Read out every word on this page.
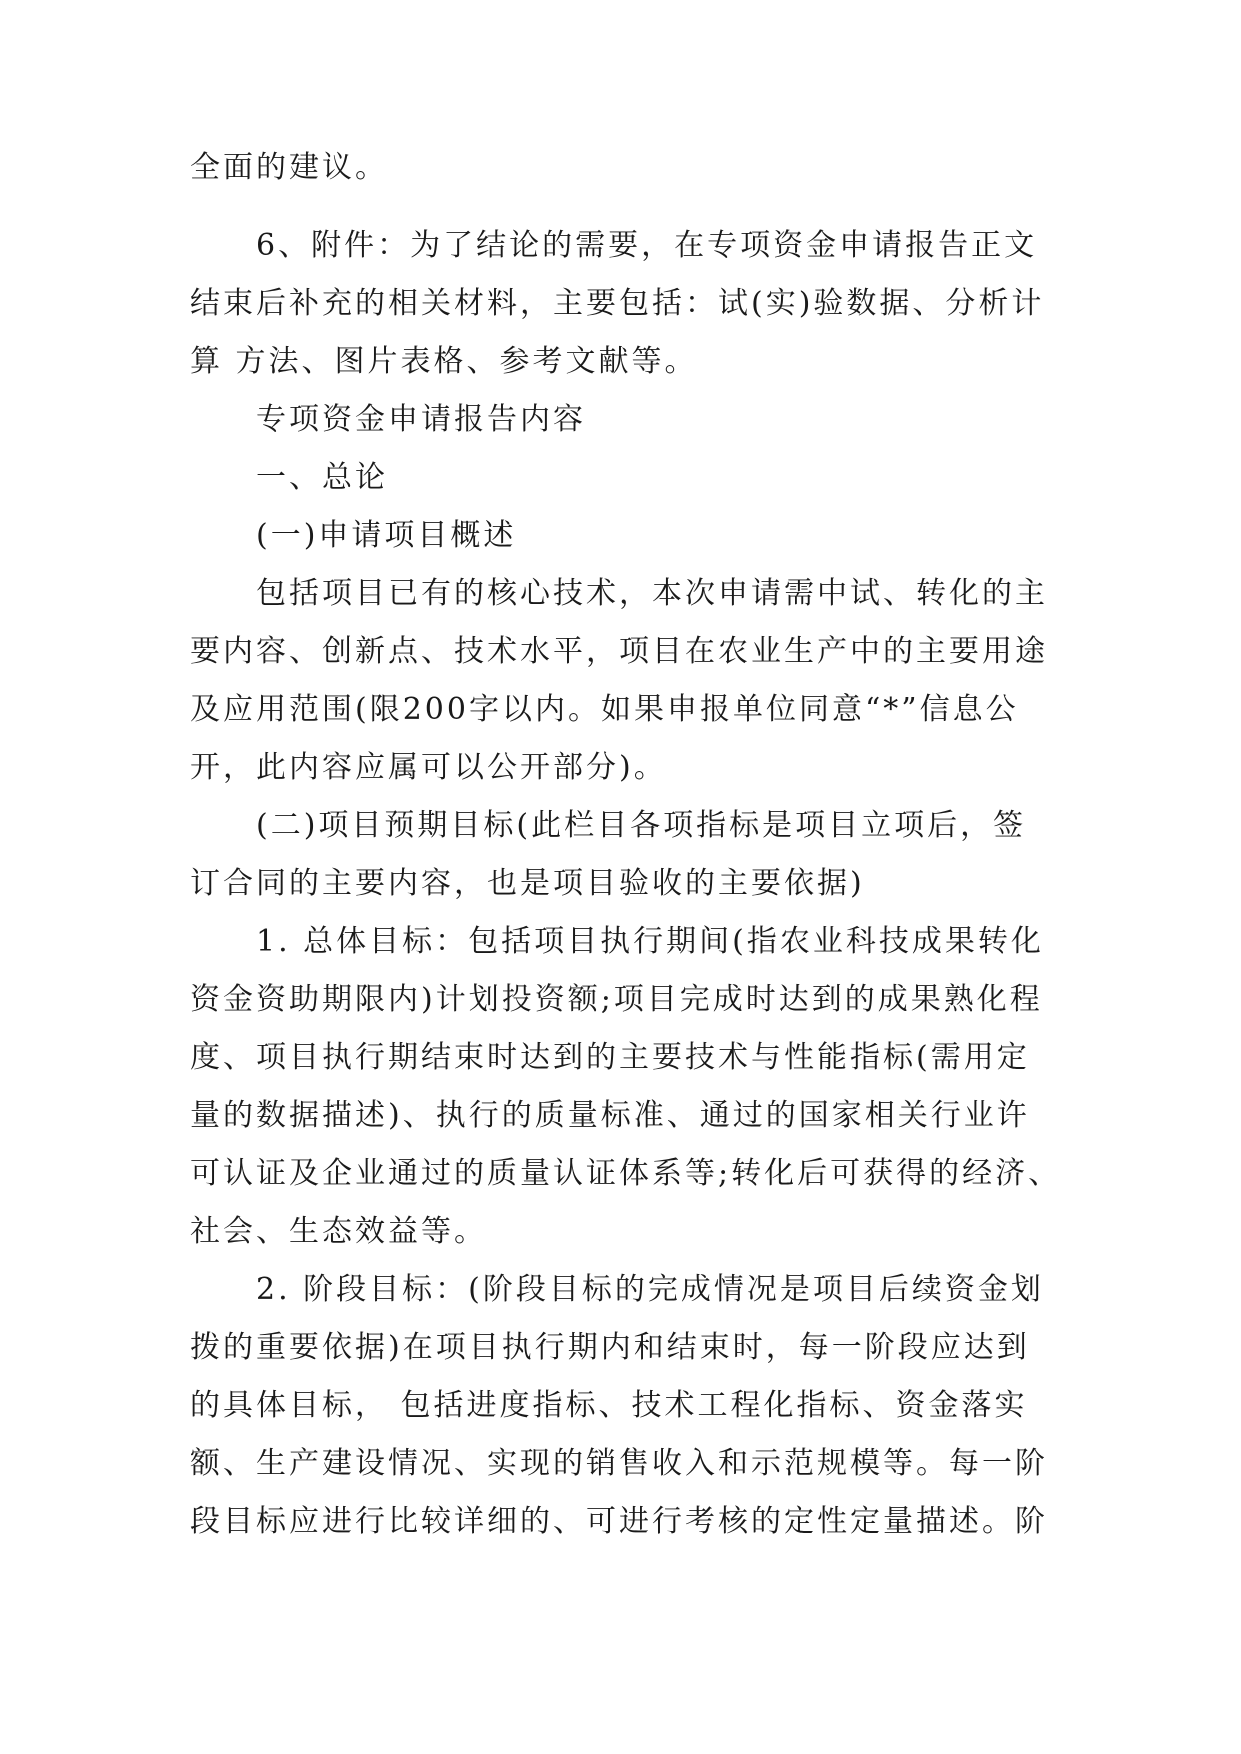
全面的建议。
6、附件：为了结论的需要，在专项资金申请报告正文
结束后补充的相关材料，主要包括：试(实)验数据、分析计
算 方法、图片表格、参考文献等。
专项资金申请报告内容
一、总论
(一)申请项目概述
包括项目已有的核心技术，本次申请需中试、转化的主
要内容、创新点、技术水平，项目在农业生产中的主要用途
及应用范围(限200字以内。如果申报单位同意“*”信息公
开，此内容应属可以公开部分)。
(二)项目预期目标(此栏目各项指标是项目立项后，签
订合同的主要内容，也是项目验收的主要依据)
1. 总体目标：包括项目执行期间(指农业科技成果转化
资金资助期限内)计划投资额;项目完成时达到的成果熟化程
度、项目执行期结束时达到的主要技术与性能指标(需用定
量的数据描述)、执行的质量标准、通过的国家相关行业许
可认证及企业通过的质量认证体系等;转化后可获得的经济、
社会、生态效益等。
2. 阶段目标：(阶段目标的完成情况是项目后续资金划
拨的重要依据)在项目执行期内和结束时，每一阶段应达到
的具体目标， 包括进度指标、技术工程化指标、资金落实
额、生产建设情况、实现的销售收入和示范规模等。每一阶
段目标应进行比较详细的、可进行考核的定性定量描述。阶
